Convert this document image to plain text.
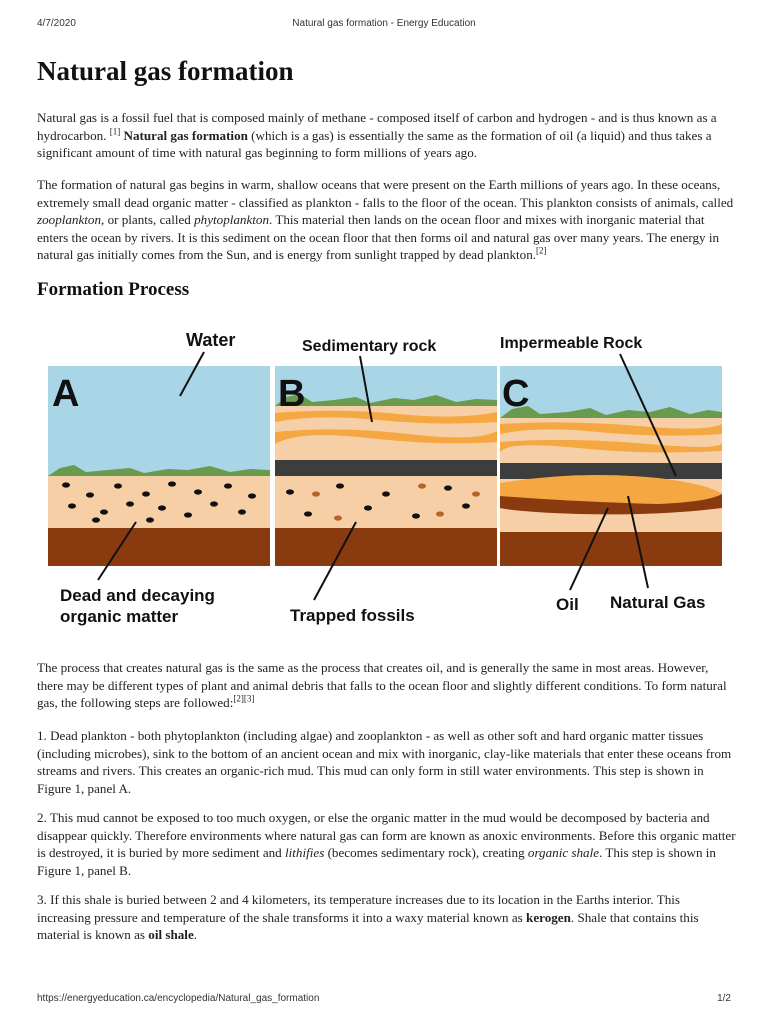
4/7/2020	Natural gas formation - Energy Education
Natural gas formation

Natural gas is a fossil fuel that is composed mainly of methane - composed itself of carbon and hydrogen - and is thus known as a hydrocarbon. [1] Natural gas formation (which is a gas) is essentially the same as the formation of oil (a liquid) and thus takes a significant amount of time with natural gas beginning to form millions of years ago.

The formation of natural gas begins in warm, shallow oceans that were present on the Earth millions of years ago. In these oceans, extremely small dead organic matter - classified as plankton - falls to the floor of the ocean. This plankton consists of animals, called zooplankton, or plants, called phytoplankton. This material then lands on the ocean floor and mixes with inorganic material that enters the ocean by rivers. It is this sediment on the ocean floor that then forms oil and natural gas over many years. The energy in natural gas initially comes from the Sun, and is energy from sunlight trapped by dead plankton.[2]

Formation Process
A
Water
Dead and decaying
organic matter
B
Sedimentary rock
Trapped fossils
C
Impermeable Rock
Oil Natural Gas

The process that creates natural gas is the same as the process that creates oil, and is generally the same in most areas. However, there may be different types of plant and animal debris that falls to the ocean floor and slightly different conditions. To form natural gas, the following steps are followed:[2][3]

1. Dead plankton - both phytoplankton (including algae) and zooplankton - as well as other soft and hard organic matter tissues (including microbes), sink to the bottom of an ancient ocean and mix with inorganic, clay-like materials that enter these oceans from streams and rivers. This creates an organic-rich mud. This mud can only form in still water environments. This step is shown in Figure 1, panel A.

2. This mud cannot be exposed to too much oxygen, or else the organic matter in the mud would be decomposed by bacteria and disappear quickly. Therefore environments where natural gas can form are known as anoxic environments. Before this organic matter is destroyed, it is buried by more sediment and lithifies (becomes sedimentary rock), creating organic shale. This step is shown in Figure 1, panel B.

3. If this shale is buried between 2 and 4 kilometers, its temperature increases due to its location in the Earths interior. This increasing pressure and temperature of the shale transforms it into a waxy material known as kerogen. Shale that contains this material is known as oil shale.

https://energyeducation.ca/encyclopedia/Natural_gas_formation	1/2
